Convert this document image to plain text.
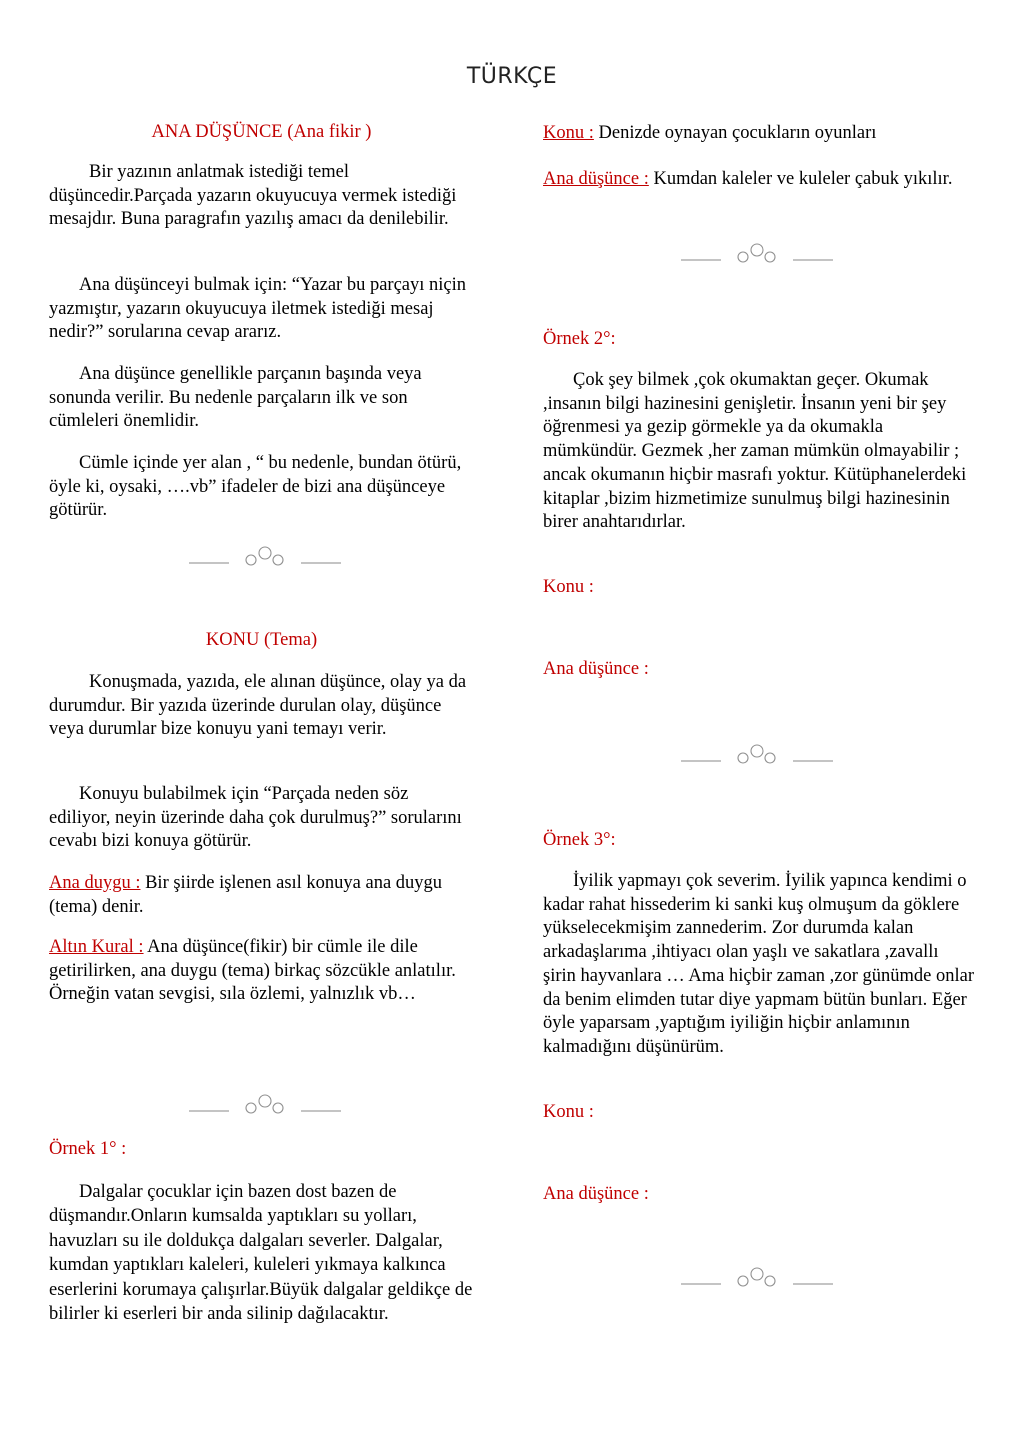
TÜRKÇE
ANA DÜŞÜNCE (Ana fikir )

Bir yazının anlatmak istediği temel düşüncedir.Parçada yazarın okuyucuya vermek istediği mesajdır. Buna paragrafın yazılış amacı da denilebilir.

Ana düşünceyi bulmak için: “Yazar bu parçayı niçin yazmıştır, yazarın okuyucuya iletmek istediği mesaj nedir?” sorularına cevap ararız.

Ana düşünce genellikle parçanın başında veya sonunda verilir. Bu nedenle parçaların ilk ve son cümleleri önemlidir.

Cümle içinde yer alan , “ bu nedenle, bundan ötürü, öyle ki, oysaki, ….vb” ifadeler de bizi ana düşünceye götürür.

KONU (Tema)

Konuşmada, yazıda, ele alınan düşünce, olay ya da durumdur. Bir yazıda üzerinde durulan olay, düşünce veya durumlar bize konuyu yani temayı verir.

Konuyu bulabilmek için “Parçada neden söz ediliyor, neyin üzerinde daha çok durulmuş?” sorularını cevabı bizi konuya götürür.

Ana duygu : Bir şiirde işlenen asıl konuya ana duygu (tema) denir.

Altın Kural : Ana düşünce(fikir) bir cümle ile dile getirilirken, ana duygu (tema) birkaç sözcükle anlatılır. Örneğin vatan sevgisi, sıla özlemi, yalnızlık vb…

Örnek 1° :

Dalgalar çocuklar için bazen dost bazen de düşmandır.Onların kumsalda yaptıkları su yolları, havuzları su ile doldukça dalgaları severler. Dalgalar, kumdan yaptıkları kaleleri, kuleleri yıkmaya kalkınca eserlerini korumaya çalışırlar.Büyük dalgalar geldikçe de bilirler ki eserleri bir anda silinip dağılacaktır.

Konu : Denizde oynayan çocukların oyunları

Ana düşünce : Kumdan kaleler ve kuleler çabuk yıkılır.

Örnek 2°:

Çok şey bilmek ,çok okumaktan geçer. Okumak ,insanın bilgi hazinesini genişletir. İnsanın yeni bir şey öğrenmesi ya gezip görmekle ya da okumakla mümkündür. Gezmek ,her zaman mümkün olmayabilir ; ancak okumanın hiçbir masrafı yoktur. Kütüphanelerdeki kitaplar ,bizim hizmetimize sunulmuş bilgi hazinesinin birer anahtarıdırlar.

Konu :
Ana düşünce :
Örnek 3°:

İyilik yapmayı çok severim. İyilik yapınca kendimi o kadar rahat hissederim ki sanki kuş olmuşum da göklere yükselecekmişim zannederim. Zor durumda kalan arkadaşlarıma ,ihtiyacı olan yaşlı ve sakatlara ,zavallı şirin hayvanlara … Ama hiçbir zaman ,zor günümde onlar da benim elimden tutar diye yapmam bütün bunları. Eğer öyle yaparsam ,yaptığım iyiliğin hiçbir anlamının kalmadığını düşünürüm.

Konu :
Ana düşünce :
